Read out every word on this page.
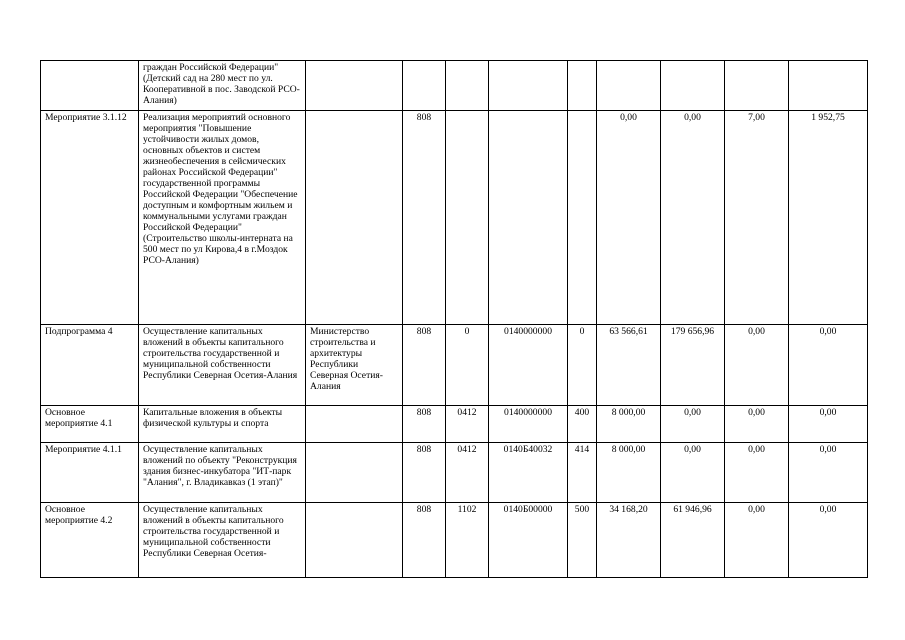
	граждан Российской Федерации" (Детский сад на 280 мест по ул. Кооперативной в пос. Заводской РСО-Алания)									

Мероприятие 3.1.12	Реализация мероприятий основного мероприятия "Повышение устойчивости жилых домов, основных объектов и систем жизнеобеспечения в сейсмических районах Российской Федерации" государственной программы Российской Федерации "Обеспечение доступным и комфортным жильем и коммунальными услугами граждан Российской Федерации" (Строительство школы-интерната на 500 мест по ул Кирова,4 в г.Моздок РСО-Алания)		808				0,00	0,00	7,00	1 952,75

Подпрограмма 4	Осуществление капитальных вложений в объекты капитального строительства государственной и муниципальной собственности Республики Северная Осетия-Алания	Министерство строительства и архитектуры Республики Северная Осетия-Алания	808	0	0140000000	0	63 566,61	179 656,96	0,00	0,00

Основное мероприятие 4.1	Капитальные вложения в объекты физической культуры и спорта		808	0412	0140000000	400	8 000,00	0,00	0,00	0,00

Мероприятие 4.1.1	Осуществление капитальных вложений по объекту "Реконструкция здания бизнес-инкубатора "ИТ-парк "Алания", г. Владикавказ (1 этап)"		808	0412	0140Б40032	414	8 000,00	0,00	0,00	0,00

Основное мероприятие 4.2	Осуществление капитальных вложений в объекты капитального строительства государственной и муниципальной собственности Республики Северная Осетия-		808	1102	0140Б00000	500	34 168,20	61 946,96	0,00	0,00
